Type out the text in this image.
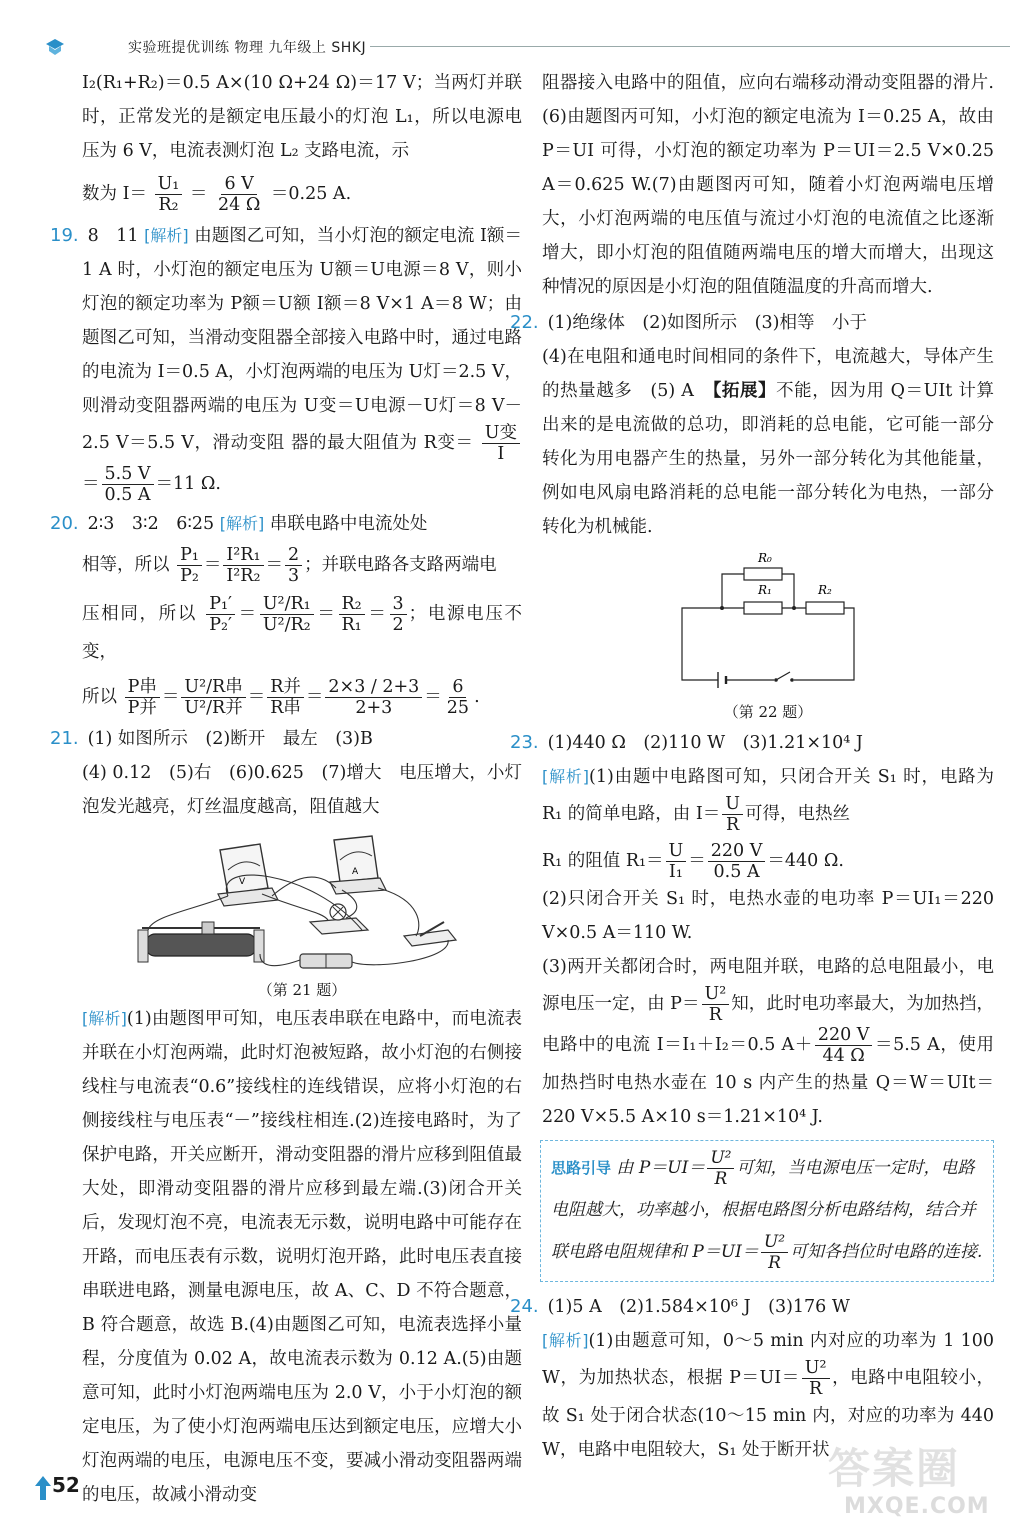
实验班提优训练 物理 九年级上 SHKJ

I₂(R₁+R₂)＝0.5 A×(10 Ω+24 Ω)＝17 V；当两灯并联时，正常发光的是额定电压最小的灯泡 L₁，所以电源电压为 6 V，电流表测灯泡 L₂ 支路电流，示

数为 $I= \frac{\text{U₁}}{\text{R₂}} = \frac{6 V}{24 \Omega} =0.25$ A.

19. 8　11 [ 解析 ] 由题图乙可知，当小灯泡的额定电流 I额＝1 A 时，小灯泡的额定电压为 U额＝U电源＝8 V，则小灯泡的额定功率为 P额＝U额 I额＝8 V×1 A＝8 W；由题图乙可知，当滑动变阻器全部接入电路中时，通过电路的电流为 I＝0.5 A，小灯泡两端的电压为 U灯＝2.5 V，则滑动变阻器两端的电压为 U变＝U电源－U灯＝8 V－2.5 V＝5.5 V，滑动变阻 器的最大阻值为 R变＝ $\frac{\text{U变}}{I}$
＝ $\frac{5.5 V}{0.5 A} =11$ Ω.

20. 2∶3　3∶2　6∶25 [ 解析 ] 串联电路中电流处处

相等，所以 $\frac{\text{P₁}}{\text{P₂}} = \frac{\text{I²R₁}}{\text{I²R₂}} = \frac{2}{3}$ ；并联电路各支路两端电

压相同，所以 $\frac{\text{P₁′}}{\text{P₂′}} = \frac{\text{U²/R₁}}{\text{U²/R₂}} = \frac{\text{R₂}}{\text{R₁}} = \frac{3}{2}$ ；电源电压不变，

所以 $\frac{\text{P串}}{\text{P并}} = \frac{\text{U²/R串}}{\text{U²/R并}} = \frac{\text{R并}}{\text{R串}} = \frac{2\times 3 / 2+3}{2+3} = \frac{6}{25}$ .

21. (1) 如图所示　(2)断开　最左　(3)B

(4) 0.12　(5)右　(6)0.625　(7)增大　电压增大，小灯泡发光越亮，灯丝温度越高，阻值越大

V
A
（第 21 题）

[ 解析 ] (1)由题图甲可知，电压表串联在电路中，而电流表并联在小灯泡两端，此时灯泡被短路，故小灯泡的右侧接线柱与电流表“0.6”接线柱的连线错误，应将小灯泡的右侧接线柱与电压表“－”接线柱相连.(2)连接电路时，为了保护电路，开关应断开，滑动变阻器的滑片应移到阻值最大处，即滑动变阻器的滑片应移到最左端.(3)闭合开关后，发现灯泡不亮，电流表无示数，说明电路中可能存在开路，而电压表有示数，说明灯泡开路，此时电压表直接串联进电路，测量电源电压，故 A、C、D 不符合题意，B 符合题意，故选 B.(4)由题图乙可知，电流表选择小量程，分度值为 0.02 A，故电流表示数为 0.12 A.(5)由题意可知，此时小灯泡两端电压为 2.0 V，小于小灯泡的额定电压，为了使小灯泡两端电压达到额定电压，应增大小灯泡两端的电压，电源电压不变，要减小滑动变阻器两端的电压，故减小滑动变

阻器接入电路中的阻值，应向右端移动滑动变阻器的滑片.(6)由题图丙可知，小灯泡的额定电流为 I＝0.25 A，故由 P＝UI 可得，小灯泡的额定功率为 P＝UI＝2.5 V×0.25 A＝0.625 W.(7)由题图丙可知，随着小灯泡两端电压增大，小灯泡两端的电压值与流过小灯泡的电流值之比逐渐增大，即小灯泡的阻值随两端电压的增大而增大，出现这种情况的原因是小灯泡的阻值随温度的升高而增大.

22. (1)绝缘体　(2)如图所示　(3)相等　小于

(4)在电阻和通电时间相同的条件下，电流越大，导体产生的热量越多　(5) A　【拓展】不能，因为用 Q＝UIt 计算出来的是电流做的总功，即消耗的总电能，它可能一部分转化为用电器产生的热量，另外一部分转化为其他能量，例如电风扇电路消耗的总电能一部分转化为电热，一部分转化为机械能.

R₀
R₁	R₂
（第 22 题）

23. (1)440 Ω　(2)110 W　(3)1.21×10⁴ J

[ 解析 ] (1)由题中电路图可知，只闭合开关 S₁ 时，电路为 R₁ 的简单电路，由 $I= \frac{U}{R}$ 可得，电热丝

R₁ 的阻值 $R_1= \frac{U}{\text{I₁}} = \frac{220 V}{0.5 A} =440$ Ω.

(2)只闭合开关 S₁ 时，电热水壶的电功率 P＝UI₁＝220 V×0.5 A＝110 W.

(3)两开关都闭合时，两电阻并联，电路的总电阻最小，电源电压一定，由 $P= \frac{\text{U²}}{R}$ 知，此时电功率最大，为加热挡，电路中的电流 I＝I₁＋I₂＝0.5 $A+ \frac{220 V}{44 \Omega} =5.5$ A，使用加热挡时电热水壶在 10 s 内产生的热量 Q＝W＝UIt＝220 V×5.5 A×10 s＝1.21×10⁴ J.

思路引导 由 $P=UI= \frac{\text{U²}}{R}$ 可知，当电源电压一定时，电路电阻越大，功率越小，根据电路图分析电路结构，结合并联电路电阻规律和 $P=UI= \frac{\text{U²}}{R}$ 可知各挡位时电路的连接.

24. (1)5 A　(2)1.584×10⁶ J　(3)176 W

[ 解析 ] (1)由题意可知，0～5 min 内对应的功率为 1 100 W，为加热状态，根据 $P=UI= \frac{\text{U²}}{R}$ ，电路中电阻较小，故 S₁ 处于闭合状态(10～15 min 内，对应的功率为 440 W，电路中电阻较大，S₁ 处于断开状

52	答案圈
MXQE.COM
